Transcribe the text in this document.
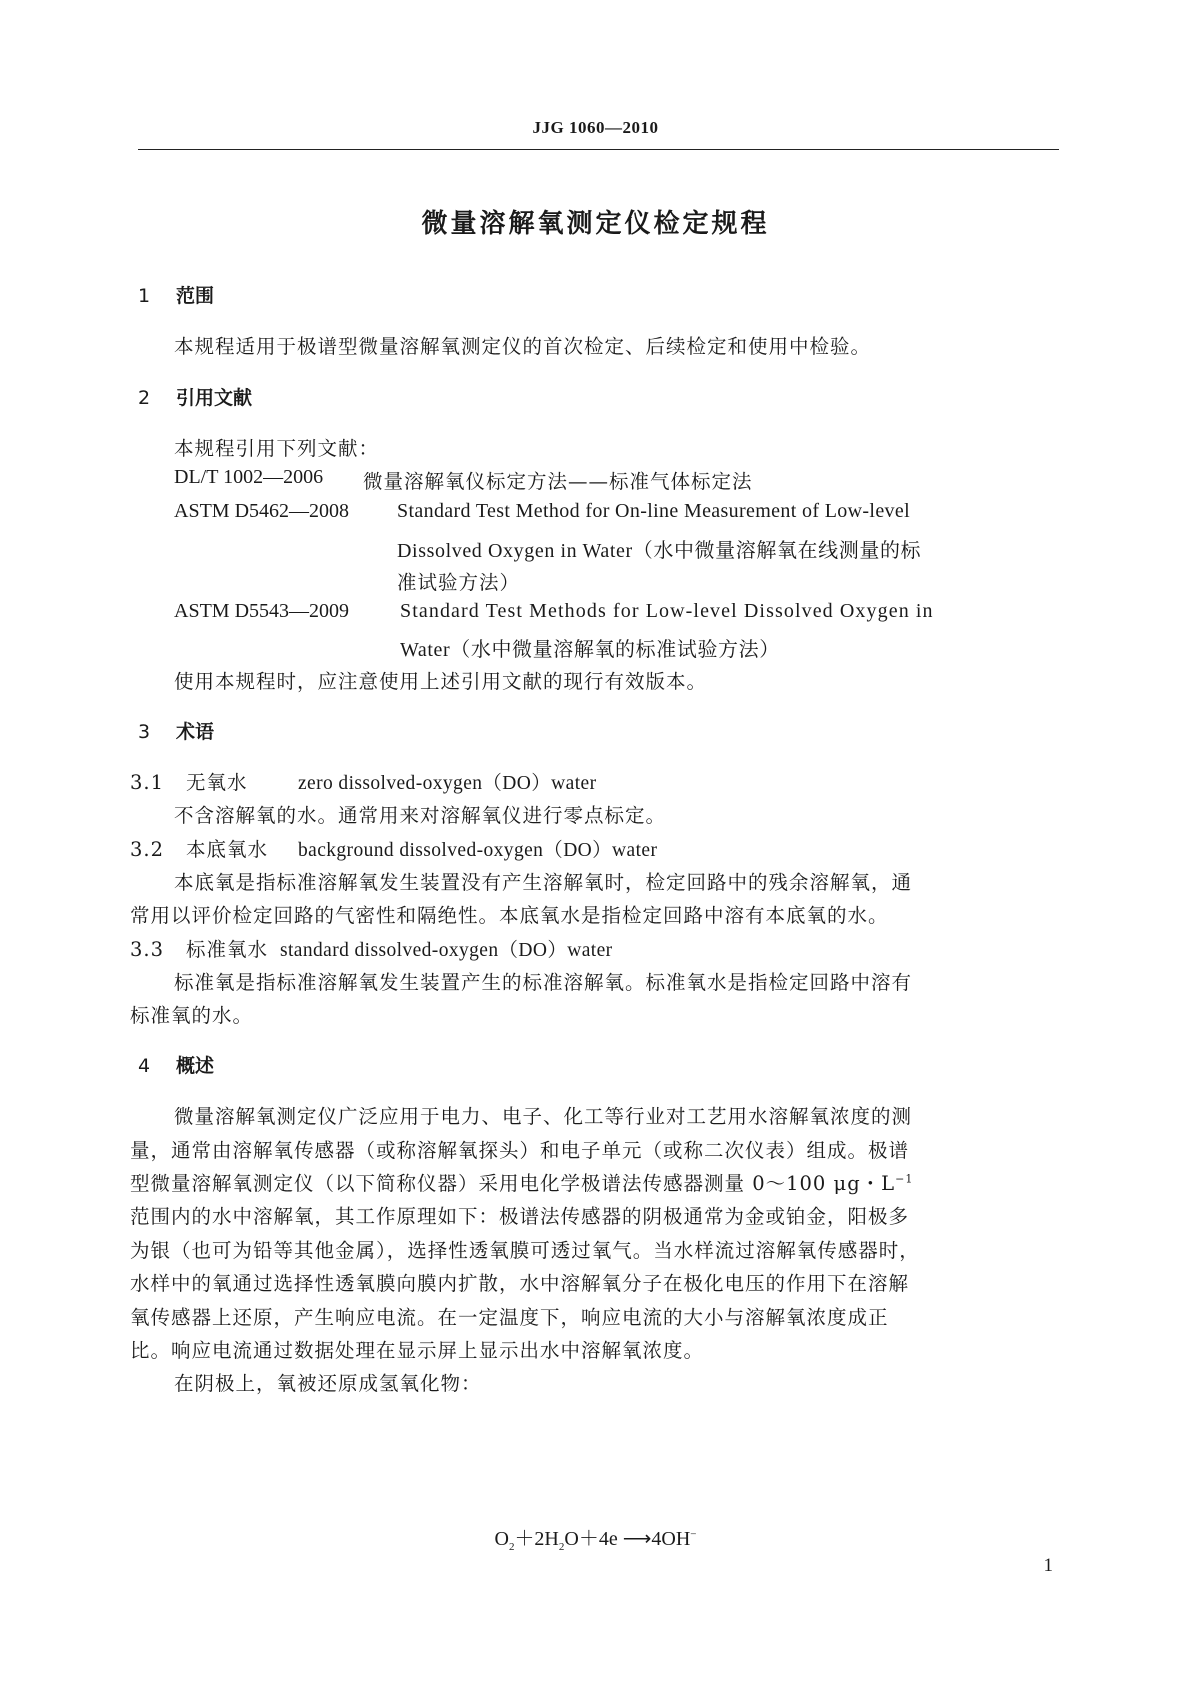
JJG 1060—2010
微量溶解氧测定仪检定规程
1 范围
本规程适用于极谱型微量溶解氧测定仪的首次检定、后续检定和使用中检验。
2 引用文献
本规程引用下列文献：
DL/T 1002—2006 微量溶解氧仪标定方法——标准气体标定法
ASTM D5462—2008 Standard Test Method for On-line Measurement of Low-level
Dissolved Oxygen in Water（水中微量溶解氧在线测量的标
准试验方法）
ASTM D5543—2009	Standard Test Methods for Low-level Dissolved Oxygen in
Water（水中微量溶解氧的标准试验方法）
使用本规程时，应注意使用上述引用文献的现行有效版本。
3 术语
3.1 无氧水	zero dissolved-oxygen（DO）water
不含溶解氧的水。通常用来对溶解氧仪进行零点标定。
3.2 本底氧水 background dissolved-oxygen（DO）water
本底氧是指标准溶解氧发生装置没有产生溶解氧时，检定回路中的残余溶解氧，通
常用以评价检定回路的气密性和隔绝性。本底氧水是指检定回路中溶有本底氧的水。
3.3 标准氧水 standard dissolved-oxygen（DO）water
标准氧是指标准溶解氧发生装置产生的标准溶解氧。标准氧水是指检定回路中溶有
标准氧的水。
4 概述
微量溶解氧测定仪广泛应用于电力、电子、化工等行业对工艺用水溶解氧浓度的测
量，通常由溶解氧传感器（或称溶解氧探头）和电子单元（或称二次仪表）组成。极谱
型微量溶解氧测定仪（以下简称仪器）采用电化学极谱法传感器测量 0～100 μg・$L^{-1}$
范围内的水中溶解氧，其工作原理如下：极谱法传感器的阴极通常为金或铂金，阳极多
为银（也可为铅等其他金属），选择性透氧膜可透过氧气。当水样流过溶解氧传感器时，
水样中的氧通过选择性透氧膜向膜内扩散，水中溶解氧分子在极化电压的作用下在溶解
氧传感器上还原，产生响应电流。在一定温度下，响应电流的大小与溶解氧浓度成正
比。响应电流通过数据处理在显示屏上显示出水中溶解氧浓度。
在阴极上，氧被还原成氢氧化物：
$O_2+2H_2O+4e$ ⟶4OH−
1
